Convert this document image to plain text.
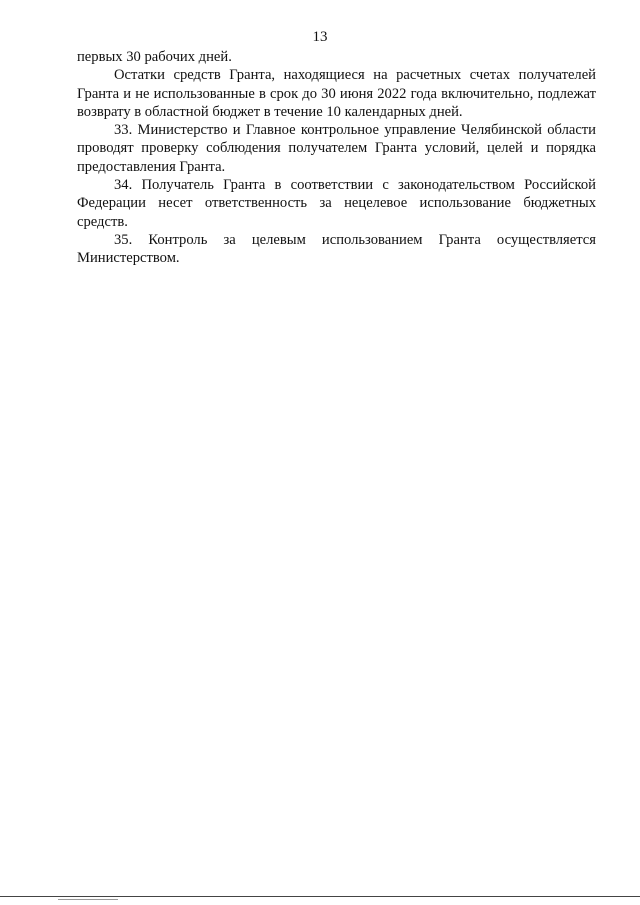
13

первых 30 рабочих дней.

Остатки средств Гранта, находящиеся на расчетных счетах получателей Гранта и не использованные в срок до 30 июня 2022 года включительно, подлежат возврату в областной бюджет в течение 10 календарных дней.

33. Министерство и Главное контрольное управление Челябинской области проводят проверку соблюдения получателем Гранта условий, целей и порядка предоставления Гранта.

34. Получатель Гранта в соответствии с законодательством Российской Федерации несет ответственность за нецелевое использование бюджетных средств.

35. Контроль за целевым использованием Гранта осуществляется Министерством.
